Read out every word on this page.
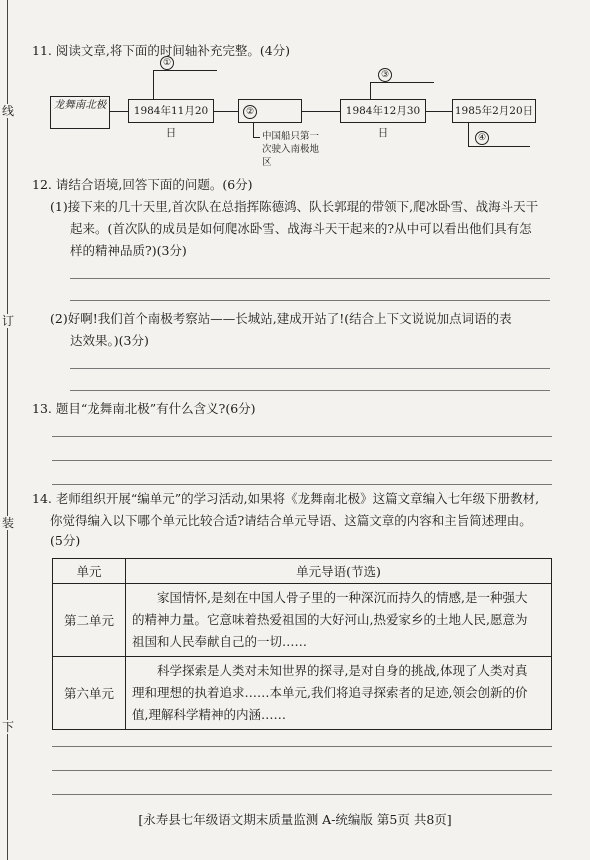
线
订
装
下
11. 阅读文章,将下面的时间轴补充完整。(4分)
龙舞南北极	1984年11月20日
②	1984年12月30日
1985年2月20日
①
③
④
中国船只第一次驶入南极地区
12. 请结合语境,回答下面的问题。(6分)
(1)接下来的几十天里,首次队在总指挥陈德鸿、队长郭琨的带领下,爬冰卧雪、战海斗天干
起来。(首次队的成员是如何爬冰卧雪、战海斗天干起来的?从中可以看出他们具有怎
样的精神品质?)(3分)
(2)好啊!我们首个南极考察站——长城站,建成开站了!(结合上下文说说加点词语的表
达效果。)(3分)
13. 题目“龙舞南北极”有什么含义?(6分)
14. 老师组织开展“编单元”的学习活动,如果将《龙舞南北极》这篇文章编入七年级下册教材,
你觉得编入以下哪个单元比较合适?请结合单元导语、这篇文章的内容和主旨简述理由。
(5分)
单元	单元导语(节选)
第二单元	家国情怀,是刻在中国人骨子里的一种深沉而持久的情感,是一种强大
的精神力量。它意味着热爱祖国的大好河山,热爱家乡的土地人民,愿意为
祖国和人民奉献自己的一切……

第六单元	科学探索是人类对未知世界的探寻,是对自身的挑战,体现了人类对真
理和理想的执着追求……本单元,我们将追寻探索者的足迹,领会创新的价
值,理解科学精神的内涵……
[永寿县七年级语文期末质量监测 A-统编版 第5页 共8页]
